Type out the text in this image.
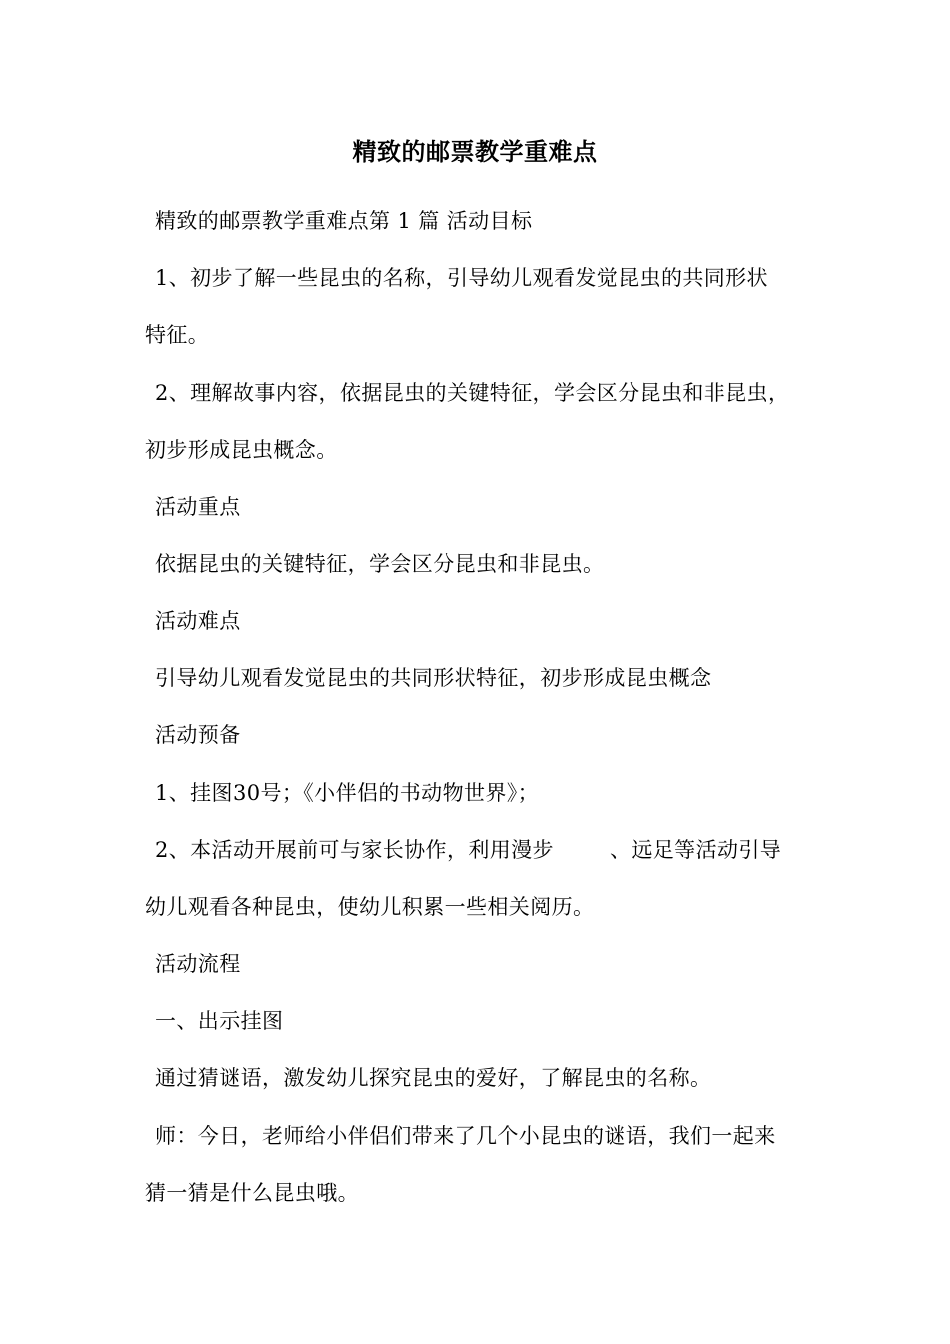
精致的邮票教学重难点
精致的邮票教学重难点第 1 篇 活动目标
1、初步了解一些昆虫的名称，引导幼儿观看发觉昆虫的共同形状
特征。
2、理解故事内容，依据昆虫的关键特征，学会区分昆虫和非昆虫，
初步形成昆虫概念。
活动重点
依据昆虫的关键特征，学会区分昆虫和非昆虫。
活动难点
引导幼儿观看发觉昆虫的共同形状特征，初步形成昆虫概念
活动预备
1、挂图30号；《小伴侣的书动物世界》；
2、本活动开展前可与家长协作，利用漫步	、远足等活动引导
幼儿观看各种昆虫，使幼儿积累一些相关阅历。
活动流程
一、出示挂图
通过猜谜语，激发幼儿探究昆虫的爱好，了解昆虫的名称。
师：今日，老师给小伴侣们带来了几个小昆虫的谜语，我们一起来
猜一猜是什么昆虫哦。
